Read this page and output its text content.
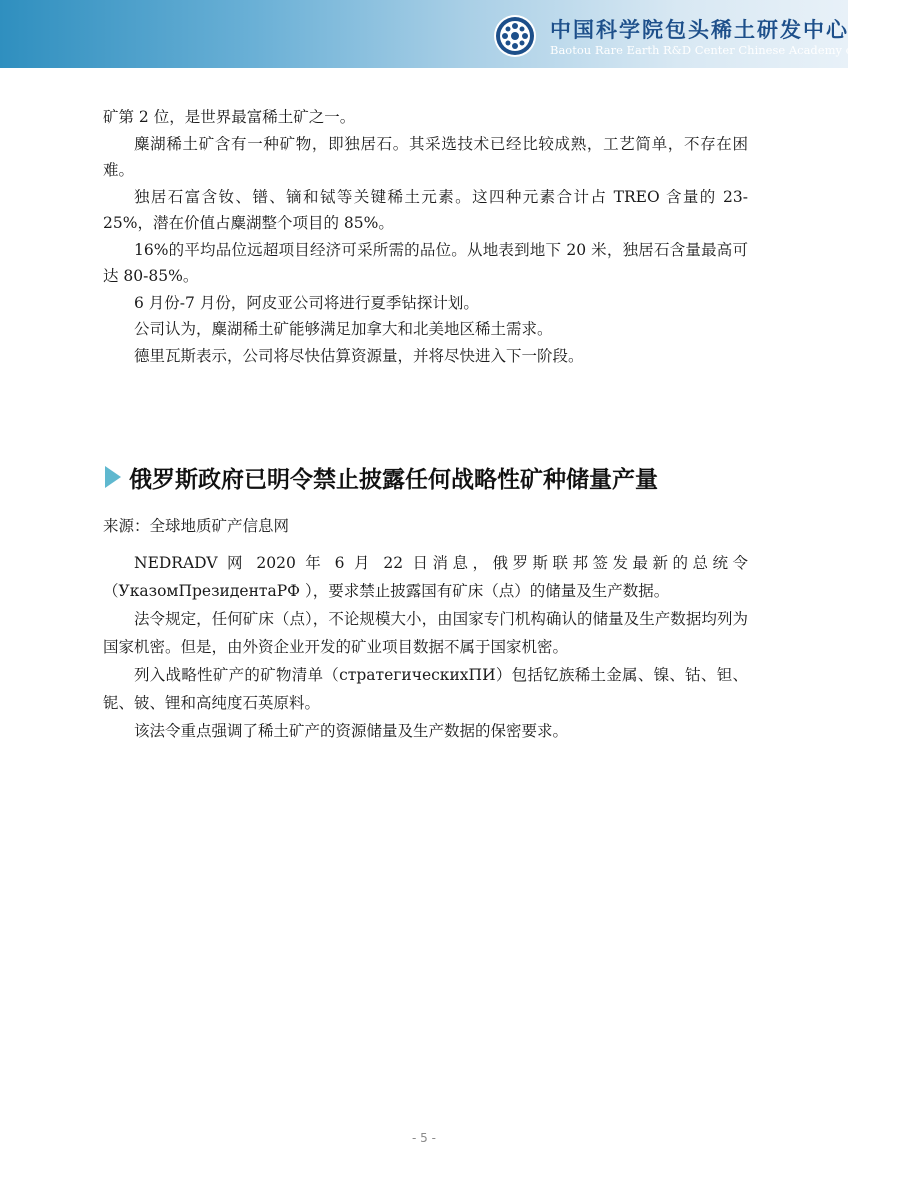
中国科学院包头稀土研发中心
Baotou Rare Earth R&D Center Chinese Academy of Sciences

矿第 2 位，是世界最富稀土矿之一。

麋湖稀土矿含有一种矿物，即独居石。其采选技术已经比较成熟，工艺简单，不存在困难。

独居石富含钕、镨、镝和铽等关键稀土元素。这四种元素合计占 TREO 含量的 23-25%，潜在价值占麋湖整个项目的 85%。

16%的平均品位远超项目经济可采所需的品位。从地表到地下 20 米，独居石含量最高可达 80-85%。

6 月份-7 月份，阿皮亚公司将进行夏季钻探计划。

公司认为，麋湖稀土矿能够满足加拿大和北美地区稀土需求。

德里瓦斯表示，公司将尽快估算资源量，并将尽快进入下一阶段。

俄罗斯政府已明令禁止披露任何战略性矿种储量产量
来源：全球地质矿产信息网

NEDRADV 网 2020 年 6 月 22 日消息，俄罗斯联邦签发最新的总统令（УказомПрезидентаРФ ），要求禁止披露国有矿床（点）的储量及生产数据。

法令规定，任何矿床（点），不论规模大小，由国家专门机构确认的储量及生产数据均列为国家机密。但是，由外资企业开发的矿业项目数据不属于国家机密。

列入战略性矿产的矿物清单（стратегическихПИ）包括钇族稀土金属、镍、钴、钽、铌、铍、锂和高纯度石英原料。

该法令重点强调了稀土矿产的资源储量及生产数据的保密要求。

- 5 -
